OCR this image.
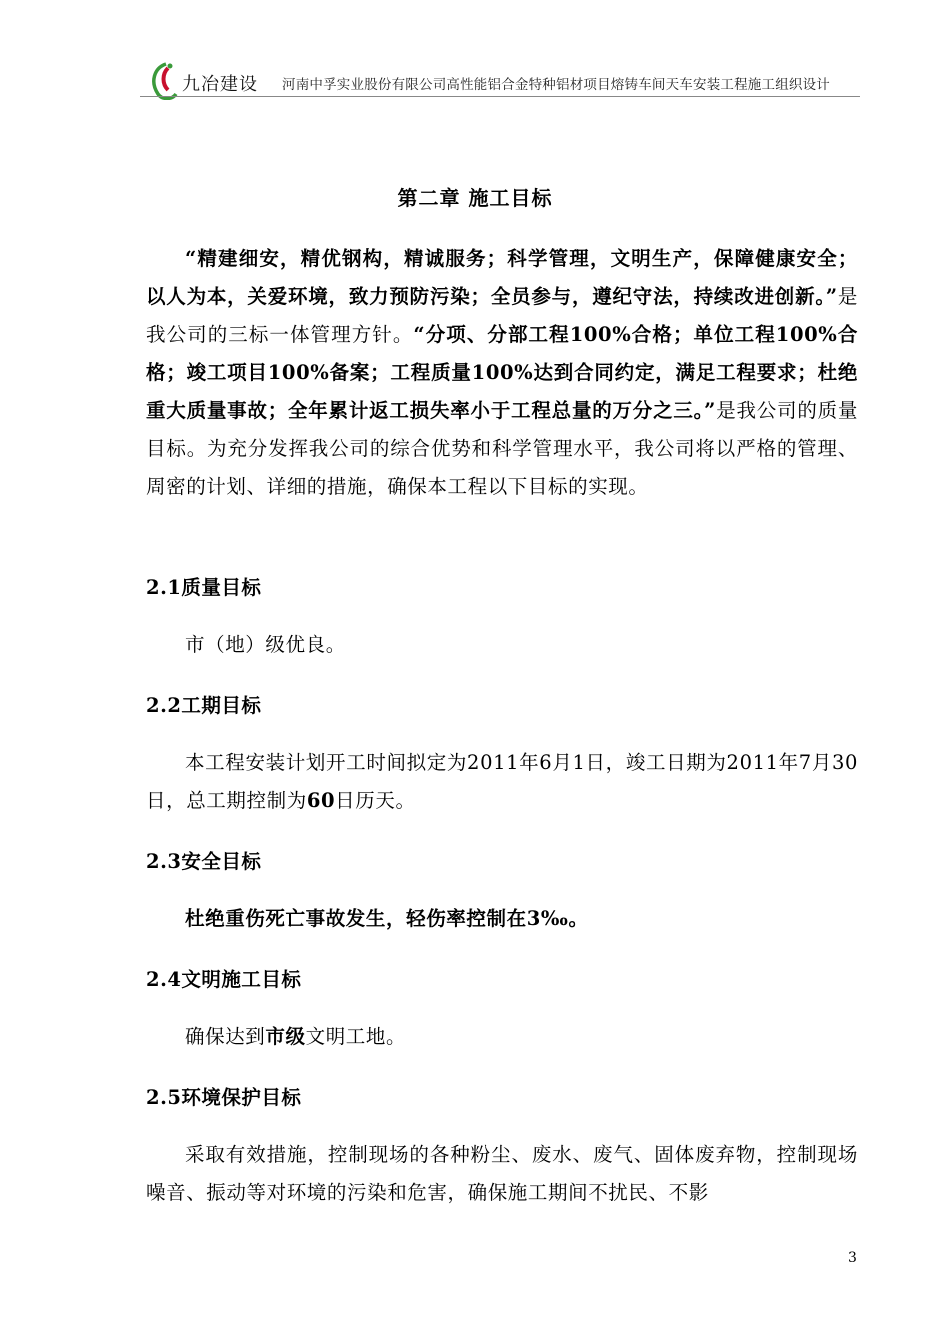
九冶建设 河南中孚实业股份有限公司高性能铝合金特种铝材项目熔铸车间天车安装工程施工组织设计
第二章 施工目标
“精建细安，精优钢构，精诚服务；科学管理，文明生产，保障健康安全；以人为本，关爱环境，致力预防污染；全员参与，遵纪守法，持续改进创新。”是我公司的三标一体管理方针。“分项、分部工程100%合格；单位工程100%合格；竣工项目100%备案；工程质量100%达到合同约定，满足工程要求；杜绝重大质量事故；全年累计返工损失率小于工程总量的万分之三。”是我公司的质量目标。为充分发挥我公司的综合优势和科学管理水平，我公司将以严格的管理、周密的计划、详细的措施，确保本工程以下目标的实现。
2.1质量目标
市（地）级优良。
2.2工期目标
本工程安装计划开工时间拟定为2011年6月1日，竣工日期为2011年7月30日，总工期控制为60日历天。
2.3安全目标
杜绝重伤死亡事故发生，轻伤率控制在3‰。
2.4文明施工目标
确保达到市级文明工地。
2.5环境保护目标
采取有效措施，控制现场的各种粉尘、废水、废气、固体废弃物，控制现场噪音、振动等对环境的污染和危害，确保施工期间不扰民、不影
3
